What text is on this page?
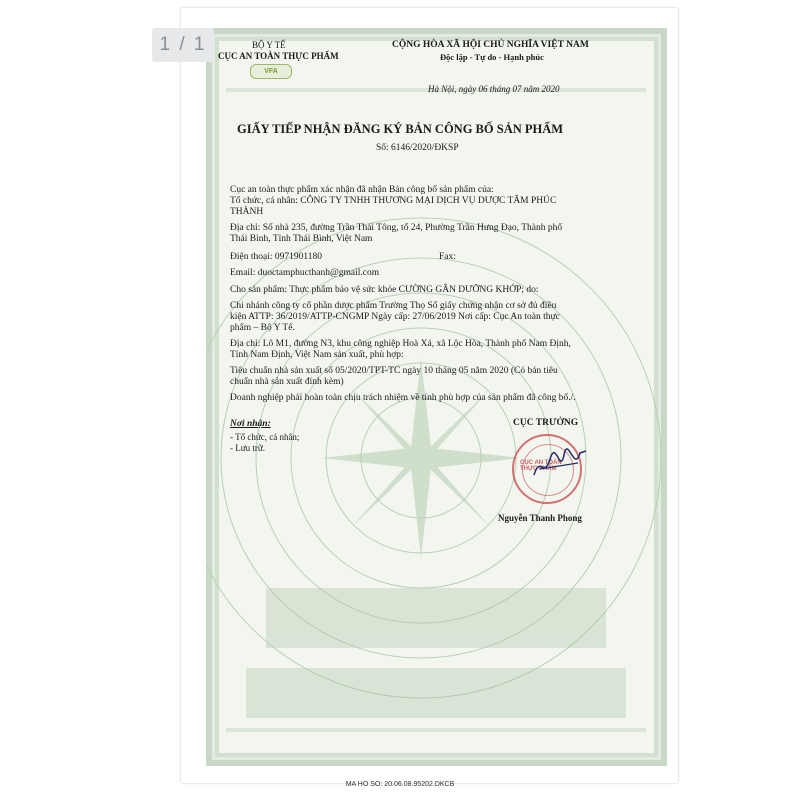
1 / 1	BỘ Y TẾ
CỤC AN TOÀN THỰC PHẨM
VFA
CỘNG HÒA XÃ HỘI CHỦ NGHĨA VIỆT NAM
Độc lập - Tự do - Hạnh phúc
Hà Nội, ngày 06 tháng 07 năm 2020
GIẤY TIẾP NHẬN ĐĂNG KÝ BẢN CÔNG BỐ SẢN PHẨM
Số: 6146/2020/ĐKSP
Cục an toàn thực phẩm xác nhận đã nhận Bản công bố sản phẩm của:
Tổ chức, cá nhân: CÔNG TY TNHH THƯƠNG MẠI DỊCH VỤ DƯỢC TÂM PHÚC
THÀNH
Địa chỉ: Số nhà 235, đường Trần Thái Tông, tổ 24, Phường Trần Hưng Đạo, Thành phố
Thái Bình, Tỉnh Thái Bình, Việt Nam
Điện thoại: 0971901180	Fax:
Email: duoctamphucthanh@gmail.com
Cho sản phẩm: Thực phẩm bảo vệ sức khỏe CƯỜNG GÂN DƯỠNG KHỚP; do:
Chi nhánh công ty cổ phần dược phẩm Trường Thọ Số giấy chứng nhận cơ sở đủ điều
kiện ATTP: 36/2019/ATTP-CNGMP Ngày cấp: 27/06/2019 Nơi cấp: Cục An toàn thực
phẩm – Bộ Y Tế.
Địa chỉ: Lô M1, đường N3, khu công nghiệp Hoà Xá, xã Lộc Hòa, Thành phố Nam Định,
Tỉnh Nam Định, Việt Nam sản xuất, phù hợp:
Tiêu chuẩn nhà sản xuất số 05/2020/TPT-TC ngày 10 tháng 05 năm 2020 (Có bản tiêu
chuẩn nhà sản xuất đính kèm)
Doanh nghiệp phải hoàn toàn chịu trách nhiệm về tính phù hợp của sản phẩm đã công bố./.
Nơi nhận:
- Tổ chức, cá nhân;
- Lưu trữ.
CỤC TRƯỞNG
CỤC AN TOÀN THỰC PHẨM
Nguyễn Thanh Phong
MA HO SO: 20.06.08.95202.DKCB
